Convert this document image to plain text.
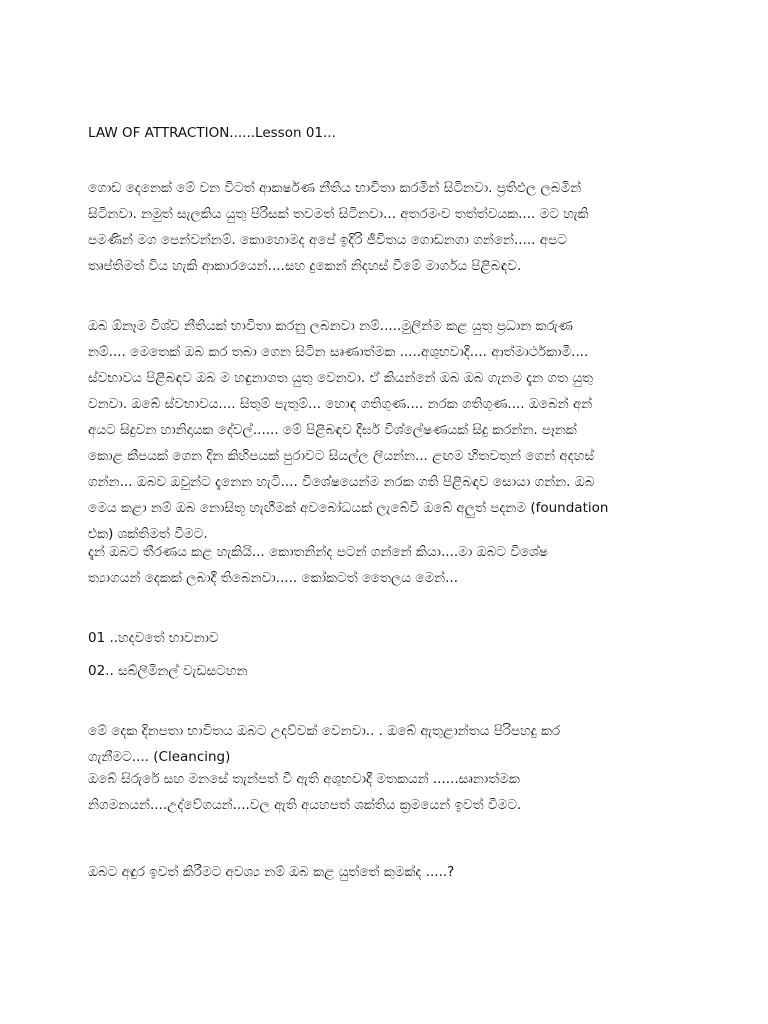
LAW OF ATTRACTION......Lesson 01...

ගොඩ දෙනෙක් මේ වන විටත් ආකර්ෂණ නීතිය භාවිතා කරමින් සිටිනවා. ප්‍රතිඵල ලබමින්
සිටිනවා. නමුත් සැලකිය යුතු පිරිසක් තවමත් සිටිනවා... අතරමංව තත්ත්වයක.... මට හැකි
පමණින් මග පෙන්වන්නම්. කොහොමද අපේ ඉදිරි ජීවිතය ගොඩනගා ගන්නේ..... අපට
තෘප්තිමත් විය හැකි ආකාරයෙන්....සහ දුකෙන් නිදහස් වීමේ මාර්ගය පිළිබඳව.

ඔබ ඕනෑම විශ්ව නීතියක් භාවිතා කරනු ලබනවා නම්.....මුලින්ම කළ යුතු ප්‍රධාන කරුණ
නම්.... මෙතෙක් ඔබ කර තබා ගෙන සිටින සෘණාත්මක .....අශුභවාදී.... ආත්මාර්ථකාමී....
ස්වභාවය පිළිබඳව ඔබ ම හඳුනාගත යුතු වෙනවා. ඒ කියන්නේ ඔබ ඔබ ගැනම දැන ගත යුතු
වනවා. ඔබේ ස්වභාවය.... සිතුම් පැතුම්... හොඳ ගතිගුණ.... නරක ගතිගුණ.... ඔබෙන් අන්
අයට සිදුවන හානිදායක දේවල්...... මේ පිළිබඳව දීර්ඝ විශ්ලේෂණයක් සිදු කරන්න. පෑනක්
කොළ කීපයක් ගෙන දින කිහිපයක් පුරාවට සියල්ල ලියන්න... ළඟම හිතවතුන් ගෙන් අදහස්
ගන්න... ඔබව ඔවුන්ට දැනෙන හැටි.... විශේෂයෙන්ම නරක ගති පිළිබඳව සොයා ගන්න. ඔබ
මෙය කළා නම් ඔබ නොසිතූ හැඟීමක් අවබෝධයක් ලැබේවි ඔබේ අලුත් පදනම (foundation
එක) ශක්තිමත් වීමට.

දැන් ඔබට තීරණය කළ හැකියි... කොතනින්ද පටන් ගන්නේ කියා....මා ඔබට විශේෂ
ත්‍යාගයන් දෙකක් ලබාදී තිබෙනවා..... කෝකටත් තෛලය මෙන්...

01 ..හදවතේ භාවනාව

02.. සබ්ලිමිනල් වැඩසටහන

මේ දෙක දිනපතා භාවිතය ඔබට උදව්වක් වෙනවා.. . ඔබේ ඇතුළාන්තය පිරිපහදු කර
ගැනීමට.... (Cleancing)

ඔබේ සිරුරේ සහ මනසේ තැන්පත් වී ඇති අශුභවාදී මතකයන් ......සෘනාත්මක
නිගමනයන්....උද්වේගයන්....වල ඇති අයහපත් ශක්තිය ක්‍රමයෙන් ඉවත් වීමට.

ඔබට අඳුර ඉවත් කිරීමට අවශ්‍ය නම් ඔබ කළ යුත්තේ කුමක්ද .....?
